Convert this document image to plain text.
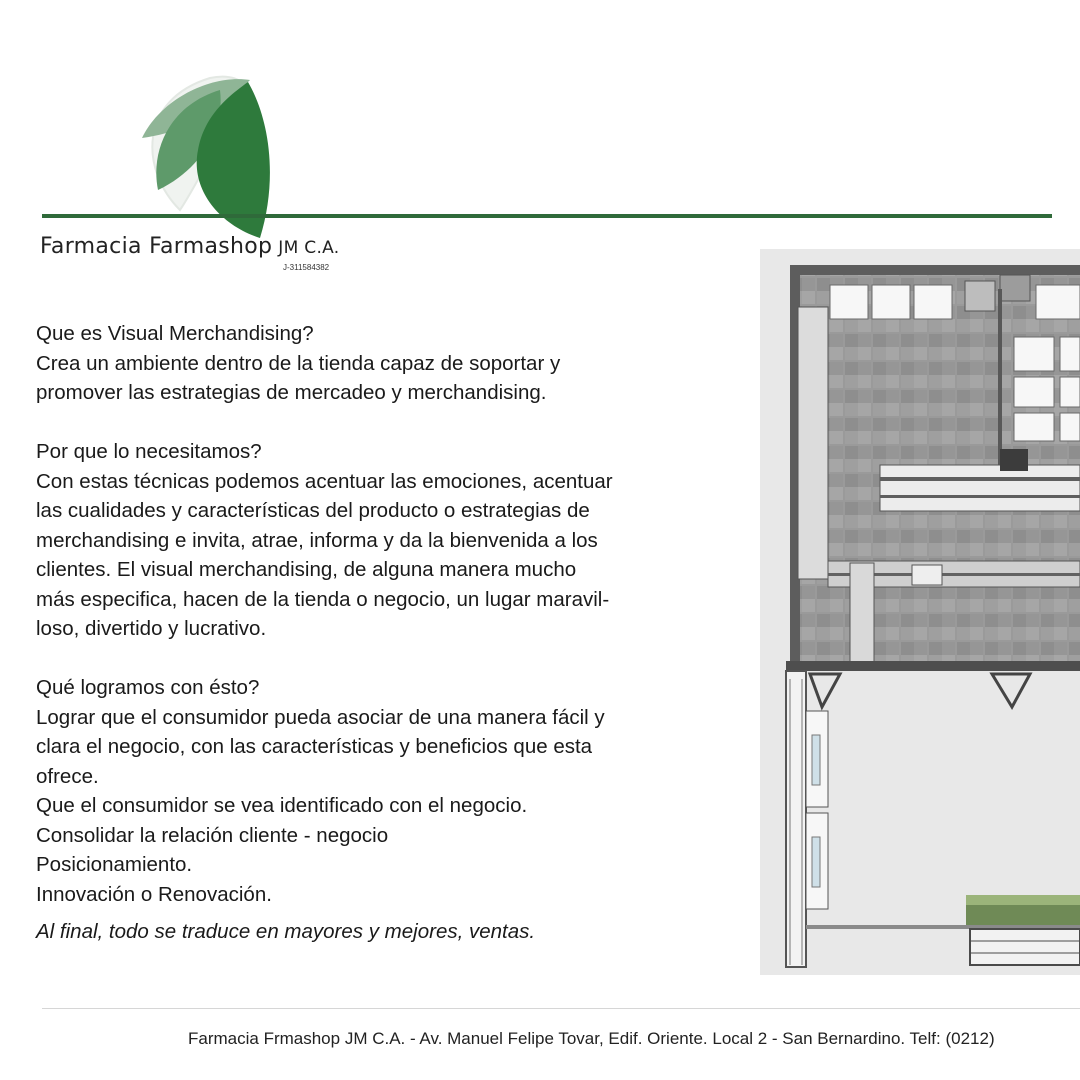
Farmacia Farmashop JM C.A.
J-311584382

Que es Visual Merchandising?

Crea un ambiente dentro de la tienda capaz de soportar y

promover las estrategias de mercadeo y merchandising.

Por que lo necesitamos?

Con estas técnicas podemos acentuar las emociones, acentuar

las cualidades y características del producto o estrategias de

merchandising e invita, atrae, informa y da la bienvenida a los

clientes. El visual merchandising, de alguna manera mucho

más especifica, hacen de la tienda o negocio, un lugar maravil-

loso, divertido y lucrativo.

Qué logramos con ésto?

Lograr que el consumidor pueda asociar de una manera fácil y

clara el negocio, con las características y beneficios que esta

ofrece.

Que el consumidor se vea identificado con el negocio.

Consolidar la relación cliente - negocio

Posicionamiento.

Innovación o Renovación.

Al final, todo se traduce en mayores y mejores, ventas.

Farmacia Frmashop JM C.A. - Av. Manuel Felipe Tovar, Edif. Oriente. Local 2 - San Bernardino. Telf: (0212)
